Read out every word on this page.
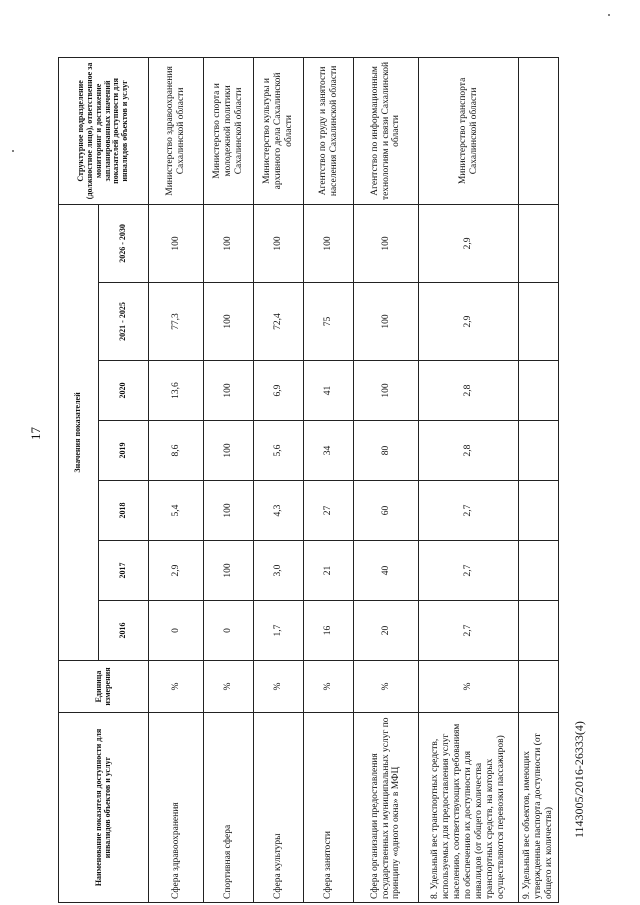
17
1143005/2016-26333(4)
Наименование показателя доступности для инвалидов объектов и услуг	Единица измерения	Значения показателей							Структурное подразделение (должностное лицо), ответственное за мониторинг и достижение запланированных значений показателей доступности для инвалидов объектов и услуг
		2016	2017	2018	2019	2020	2021 - 2025	2026 - 2030	
Сфера здравоохранения	%	0	2,9	5,4	8,6	13,6	77,3	100	Министерство здравоохранения Сахалинской области
Спортивная сфера	%	0	100	100	100	100	100	100	Министерство спорта и молодежной политики Сахалинской области
Сфера культуры	%	1,7	3,0	4,3	5,6	6,9	72,4	100	Министерство культуры и архивного дела Сахалинской области
Сфера занятости	%	16	21	27	34	41	75	100	Агентство по труду и занятости населения Сахалинской области
Сфера организации предоставления государственных и муниципальных услуг по принципу «одного окна» в МФЦ	%	20	40	60	80	100	100	100	Агентство по информационным технологиям и связи Сахалинской области
8. Удельный вес транспортных средств, используемых для предоставления услуг населению, соответствующих требованиям по обеспечению их доступности для инвалидов (от общего количества транспортных средств, на которых осуществляются перевозки пассажиров)	%	2,7	2,7	2,7	2,8	2,8	2,9	2,9	Министерство транспорта Сахалинской области
9. Удельный вес объектов, имеющих утвержденные паспорта доступности (от общего их количества)									
